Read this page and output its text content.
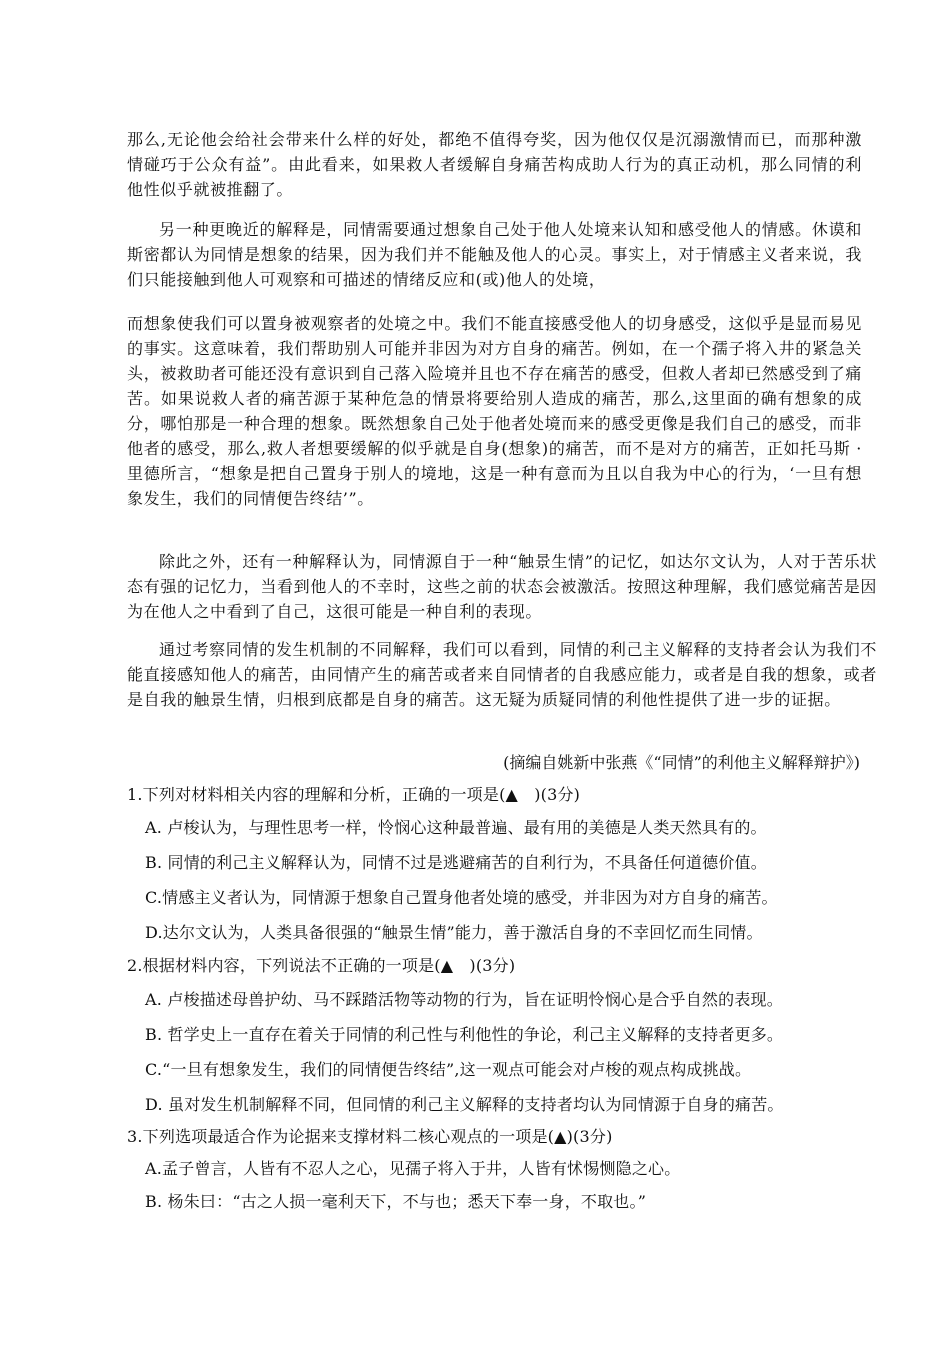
那么,无论他会给社会带来什么样的好处，都绝不值得夸奖，因为他仅仅是沉溺激情而已，而那种激情碰巧于公众有益”。由此看来，如果救人者缓解自身痛苦构成助人行为的真正动机，那么同情的利他性似乎就被推翻了。
另一种更晚近的解释是，同情需要通过想象自己处于他人处境来认知和感受他人的情感。休谟和斯密都认为同情是想象的结果，因为我们并不能触及他人的心灵。事实上，对于情感主义者来说，我们只能接触到他人可观察和可描述的情绪反应和(或)他人的处境，
而想象使我们可以置身被观察者的处境之中。我们不能直接感受他人的切身感受，这似乎是显而易见的事实。这意味着，我们帮助别人可能并非因为对方自身的痛苦。例如，在一个孺子将入井的紧急关头，被救助者可能还没有意识到自己落入险境并且也不存在痛苦的感受，但救人者却已然感受到了痛苦。如果说救人者的痛苦源于某种危急的情景将要给别人造成的痛苦，那么,这里面的确有想象的成分，哪怕那是一种合理的想象。既然想象自己处于他者处境而来的感受更像是我们自己的感受，而非他者的感受，那么,救人者想要缓解的似乎就是自身(想象)的痛苦，而不是对方的痛苦，正如托马斯 · 里德所言，“想象是把自己置身于别人的境地，这是一种有意而为且以自我为中心的行为，‘一旦有想象发生，我们的同情便告终结’”。
除此之外，还有一种解释认为，同情源自于一种“触景生情”的记忆，如达尔文认为，人对于苦乐状态有强的记忆力，当看到他人的不幸时，这些之前的状态会被激活。按照这种理解，我们感觉痛苦是因为在他人之中看到了自己，这很可能是一种自利的表现。
通过考察同情的发生机制的不同解释，我们可以看到，同情的利己主义解释的支持者会认为我们不能直接感知他人的痛苦，由同情产生的痛苦或者来自同情者的自我感应能力，或者是自我的想象，或者是自我的触景生情，归根到底都是自身的痛苦。这无疑为质疑同情的利他性提供了进一步的证据。
(摘编自姚新中张燕《“同情”的利他主义解释辩护》)
1.下列对材料相关内容的理解和分析，正确的一项是(▲　)(3分)
A. 卢梭认为，与理性思考一样，怜悯心这种最普遍、最有用的美德是人类天然具有的。
B. 同情的利己主义解释认为，同情不过是逃避痛苦的自利行为，不具备任何道德价值。
C.情感主义者认为，同情源于想象自己置身他者处境的感受，并非因为对方自身的痛苦。
D.达尔文认为，人类具备很强的“触景生情”能力，善于激活自身的不幸回忆而生同情。
2.根据材料内容，下列说法不正确的一项是(▲　)(3分)
A. 卢梭描述母兽护幼、马不踩踏活物等动物的行为，旨在证明怜悯心是合乎自然的表现。
B. 哲学史上一直存在着关于同情的利己性与利他性的争论，利己主义解释的支持者更多。
C.“一旦有想象发生，我们的同情便告终结”,这一观点可能会对卢梭的观点构成挑战。
D. 虽对发生机制解释不同，但同情的利己主义解释的支持者均认为同情源于自身的痛苦。
3.下列选项最适合作为论据来支撑材料二核心观点的一项是(▲)(3分)
A.孟子曾言，人皆有不忍人之心，见孺子将入于井，人皆有怵惕恻隐之心。
B. 杨朱曰：“古之人损一毫利天下，不与也；悉天下奉一身，不取也。”
